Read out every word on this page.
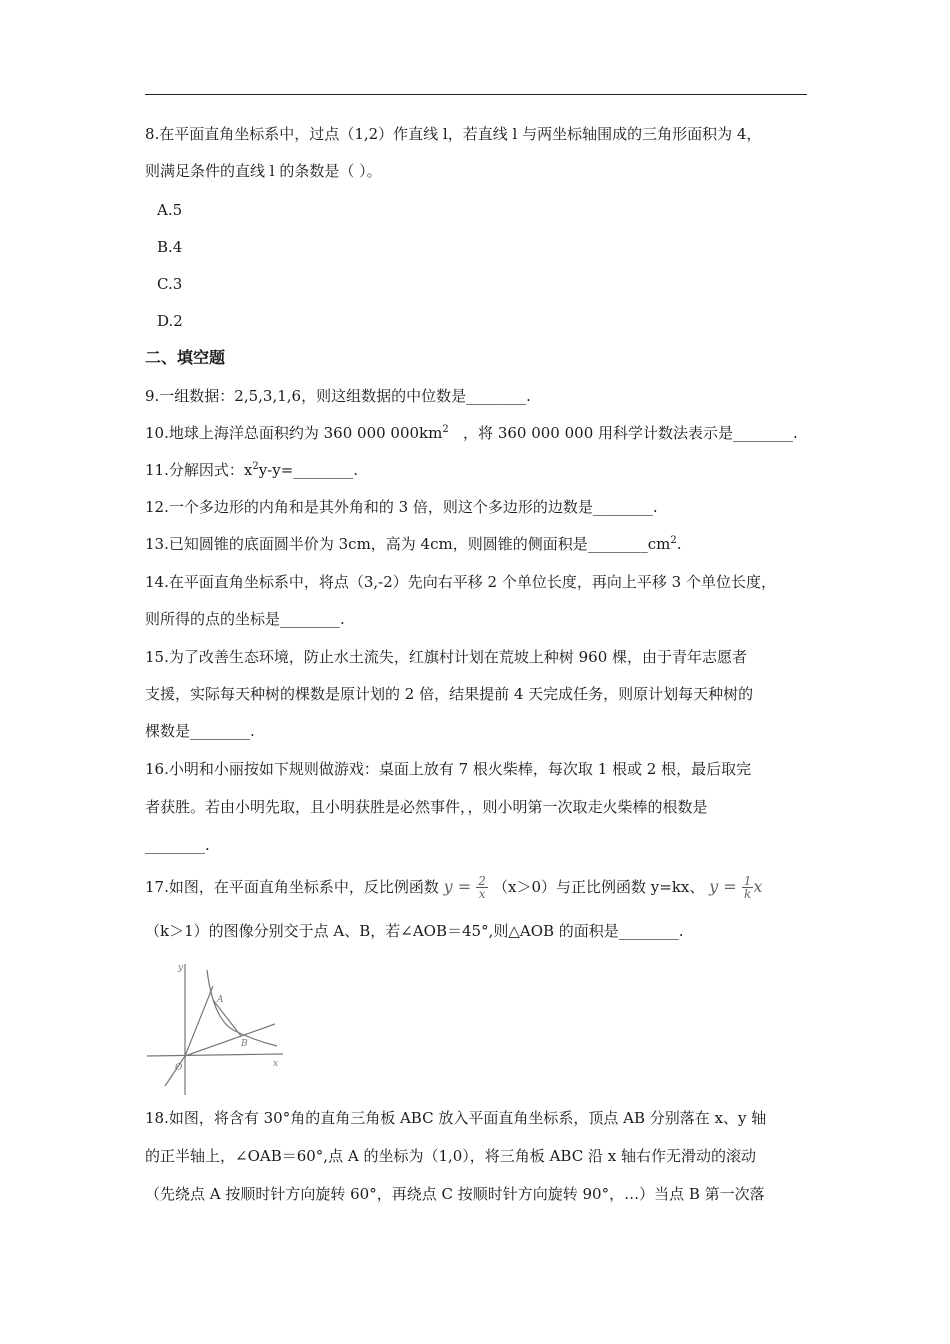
8.在平面直角坐标系中，过点（1,2）作直线 l，若直线 l 与两坐标轴围成的三角形面积为 4，
则满足条件的直线 l 的条数是（ ）。
A.5
B.4
C.3
D.2
二、填空题
9.一组数据：2,5,3,1,6，则这组数据的中位数是________.
10.地球上海洋总面积约为 360 000 $000km^2$   ，将 360 000 000 用科学计数法表示是________.
11.分解因式：$x^2y-y=\_\_\_\_\_\_\_\_$.
12.一个多边形的内角和是其外角和的 3 倍，则这个多边形的边数是________.
13.已知圆锥的底面圆半价为 3cm，高为 4cm，则圆锥的侧面积是$\_\_\_\_\_\_\_\_cm^2$.
14.在平面直角坐标系中，将点（3,-2）先向右平移 2 个单位长度，再向上平移 3 个单位长度，
则所得的点的坐标是________.
15.为了改善生态环境，防止水土流失，红旗村计划在荒坡上种树 960 棵，由于青年志愿者
支援，实际每天种树的棵数是原计划的 2 倍，结果提前 4 天完成任务，则原计划每天种树的
棵数是________.
16.小明和小丽按如下规则做游戏：桌面上放有 7 根火柴棒，每次取 1 根或 2 根，最后取完
者获胜。若由小明先取，且小明获胜是必然事件，，则小明第一次取走火柴棒的根数是
________.
17.如图，在平面直角坐标系中，反比例函数 $y = \frac{2}{x} (x>0)$与正比例函数 y=kx、 $y = \frac{1}{k}$ x
（k＞1）的图像分别交于点 A、B，若∠AOB＝45°,则△AOB 的面积是________.
y
x
A
B
O
18.如图，将含有 30°角的直角三角板 ABC 放入平面直角坐标系，顶点 AB 分别落在 x、y 轴
的正半轴上，∠OAB＝60°,点 A 的坐标为（1,0），将三角板 ABC 沿 x 轴右作无滑动的滚动
（先绕点 A 按顺时针方向旋转 60°，再绕点 C 按顺时针方向旋转 90°，…）当点 B 第一次落
